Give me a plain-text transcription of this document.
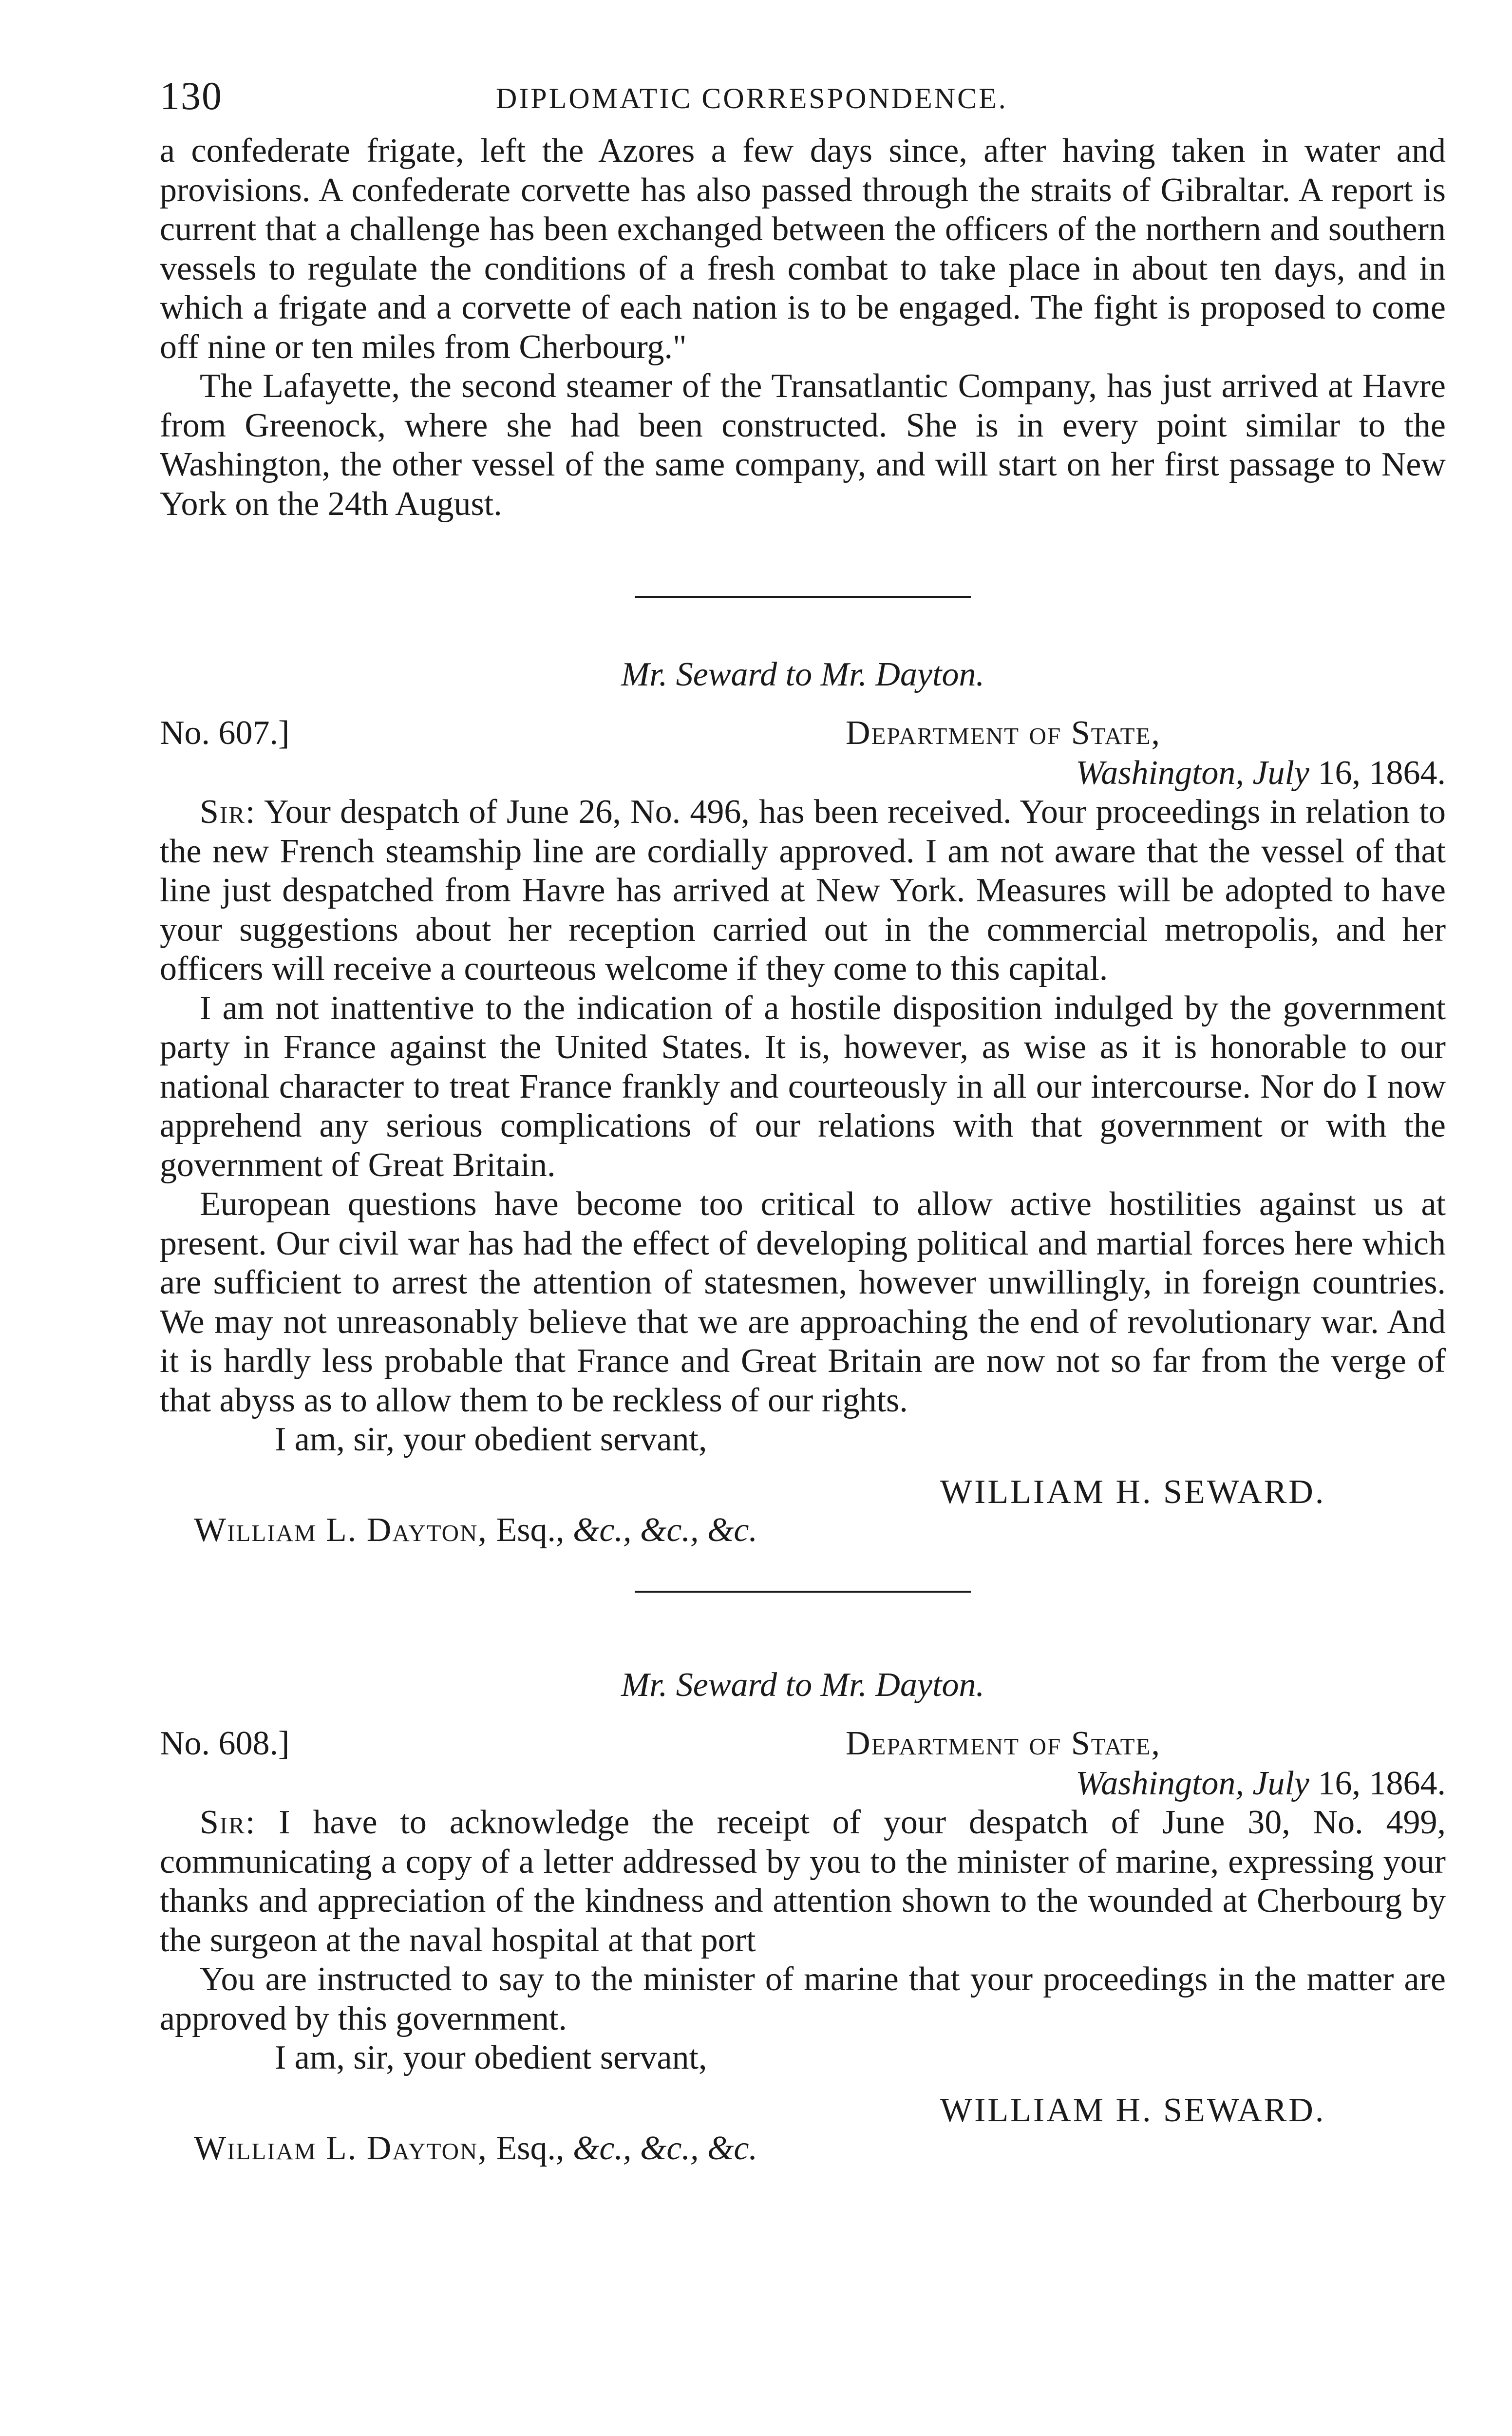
130	DIPLOMATIC CORRESPONDENCE.

a confederate frigate, left the Azores a few days since, after having taken in water and provisions. A confederate corvette has also passed through the straits of Gibraltar. A report is current that a challenge has been exchanged between the officers of the northern and southern vessels to regulate the conditions of a fresh combat to take place in about ten days, and in which a frigate and a corvette of each nation is to be engaged. The fight is proposed to come off nine or ten miles from Cherbourg."

The Lafayette, the second steamer of the Transatlantic Company, has just arrived at Havre from Greenock, where she had been constructed. She is in every point similar to the Washington, the other vessel of the same company, and will start on her first passage to New York on the 24th August.

Mr. Seward to Mr. Dayton.
No. 607.]	Department of State,
Washington, July 16, 1864.

Sir: Your despatch of June 26, No. 496, has been received. Your proceedings in relation to the new French steamship line are cordially approved. I am not aware that the vessel of that line just despatched from Havre has arrived at New York. Measures will be adopted to have your suggestions about her reception carried out in the commercial metropolis, and her officers will receive a courteous welcome if they come to this capital.

I am not inattentive to the indication of a hostile disposition indulged by the government party in France against the United States. It is, however, as wise as it is honorable to our national character to treat France frankly and courteously in all our intercourse. Nor do I now apprehend any serious complications of our relations with that government or with the government of Great Britain.

European questions have become too critical to allow active hostilities against us at present. Our civil war has had the effect of developing political and martial forces here which are sufficient to arrest the attention of statesmen, however unwillingly, in foreign countries. We may not unreasonably believe that we are approaching the end of revolutionary war. And it is hardly less probable that France and Great Britain are now not so far from the verge of that abyss as to allow them to be reckless of our rights.

I am, sir, your obedient servant,
WILLIAM H. SEWARD.
William L. Dayton, Esq., &c., &c., &c.
Mr. Seward to Mr. Dayton.
No. 608.]	Department of State,
Washington, July 16, 1864.

Sir: I have to acknowledge the receipt of your despatch of June 30, No. 499, communicating a copy of a letter addressed by you to the minister of marine, expressing your thanks and appreciation of the kindness and attention shown to the wounded at Cherbourg by the surgeon at the naval hospital at that port

You are instructed to say to the minister of marine that your proceedings in the matter are approved by this government.

I am, sir, your obedient servant,
WILLIAM H. SEWARD.
William L. Dayton, Esq., &c., &c., &c.
